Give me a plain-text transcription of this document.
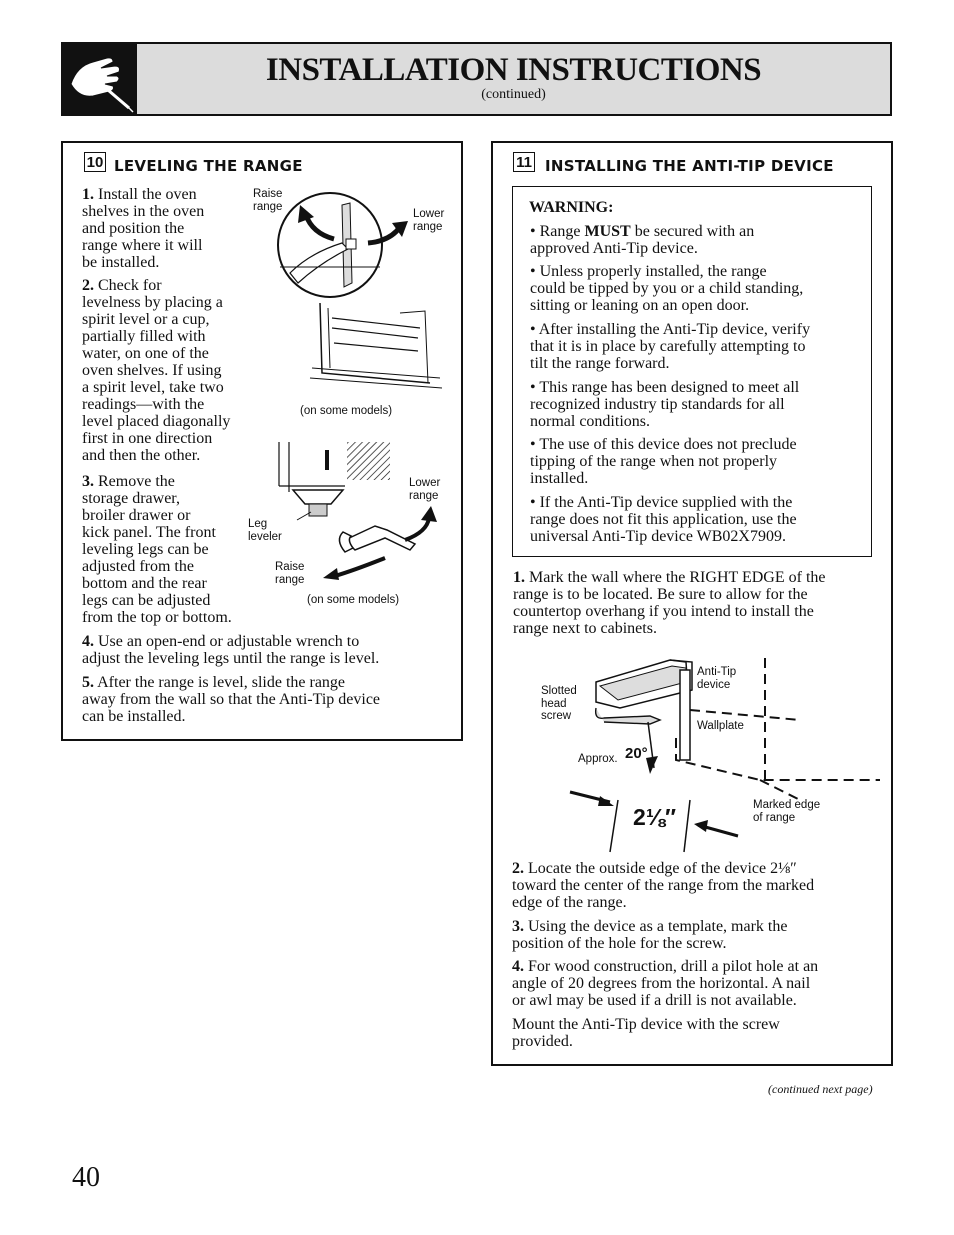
INSTALLATION INSTRUCTIONS
(continued)
10 LEVELING THE RANGE
1. Install the oven
shelves in the oven
and position the
range where it will
be installed.
2. Check for
levelness by placing a
spirit level or a cup,
partially filled with
water, on one of the
oven shelves. If using
a spirit level, take two
readings—with the
level placed diagonally
first in one direction
and then the other.
3. Remove the
storage drawer,
broiler drawer or
kick panel. The front
leveling legs can be
adjusted from the
bottom and the rear
legs can be adjusted
from the top or bottom.
4. Use an open-end or adjustable wrench to
adjust the leveling legs until the range is level.
5. After the range is level, slide the range
away from the wall so that the Anti-Tip device
can be installed.
Raise
range
Lower
range
(on some models)
Lower
range
Leg
leveler
Raise
range
(on some models)
11 INSTALLING THE ANTI-TIP DEVICE
WARNING:
• Range MUST be secured with an
approved Anti-Tip device.
• Unless properly installed, the range
could be tipped by you or a child standing,
sitting or leaning on an open door.
• After installing the Anti-Tip device, verify
that it is in place by carefully attempting to
tilt the range forward.
• This range has been designed to meet all
recognized industry tip standards for all
normal conditions.
• The use of this device does not preclude
tipping of the range when not properly
installed.
• If the Anti-Tip device supplied with the
range does not fit this application, use the
universal Anti-Tip device WB02X7909.
1. Mark the wall where the RIGHT EDGE of the
range is to be located. Be sure to allow for the
countertop overhang if you intend to install the
range next to cabinets.
Slotted
head
screw
Anti-Tip
device
Wallplate
Approx. 20°
2⅛″	Marked edge
of range
2. Locate the outside edge of the device 2⅛″
toward the center of the range from the marked
edge of the range.
3. Using the device as a template, mark the
position of the hole for the screw.
4. For wood construction, drill a pilot hole at an
angle of 20 degrees from the horizontal. A nail
or awl may be used if a drill is not available.
Mount the Anti-Tip device with the screw
provided.
(continued next page)
40
